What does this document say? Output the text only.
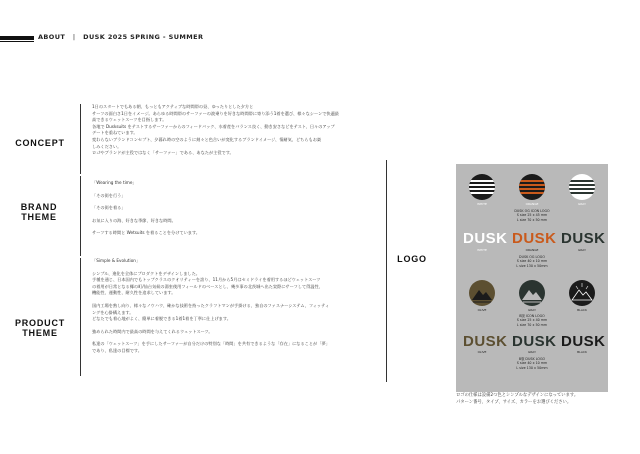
ABOUT | DUSK 2025 SPRING - SUMMER
CONCEPT
BRAND THEME
PRODUCT THEME

1日のスタートでもある朝、もっともアクティブな時間帯の昼、ゆったりとした夕方と

サーフの面白さ1日をイメージ。あらゆる時間帯のサーファーの波乗りを好きな時間帯に寄り添う1着を選び、様々なシーンで快適最

高できるウェットスーツを目指します。

各地で Dusksuits をテストするサーファーからのフィードバック、水着産をバランス良く、動き安さなどをテスト、日々のアップ

デートを重ねています。

変わらないブランドコンセプト、夕暮れ時の空のように刻々と色合いが変化するブランドイメージ、情緒気、どちらもお楽

しみください。

ロゴやブランドが主役ではなく「サーファー」である、あなたが主役です。

「Wearing the time」

「その街を行う」

「その街を着る」

お気に入りの海、好きな季節、好きな時間。

サーフする時間と Wetsuits を着ることを分けています。

「Simple & Evolution」

シンプル、進化を全体にプロダクトをデザインしました。

手種を通じ、日本国内でもトップクラスのクオリティーを誇り、11月から5月はセミドライを着用するほどウェットスーツ

の着用が日常となる椰の町/仙台気候の湯室使用フィールドのベースとし、幾多事の北茨城へ出た実際にサーフして得温性、

機能性、運動性、耐久性を追求しています。

国内工場を熟し向り、様々なノウハウ、確かな技術を持ったクラフトマンが手掛ける、独自のファスナーシステム、フィッティ

ングを心掛構えます。

どなたでも着心地がよく、簡単に着脱できる1着1着を丁寧に仕上げます。

強められた時間内で最高の時間を与えてくれるウェットスーツ。

私達の「ウェットスーツ」を手にしたサーファーが自分だけの特別な「時間」を共有できるような「存在」になることが「夢」

であり、私達の目標です。

LOGO
WHITE	ORANGE	GRAY
DUSK OG ICON LOGO
S size 25 x 45 mm
L size 70 x 50 mm
DUSK DUSK DUSK
WHITE	ORANGE	GRAY
DUSK OG LOGO
S size 40 x 10 mm
L size 130 x 50mm
OLIVE	GRAY	BLACK
B版 ICON LOGO
S size 25 x 40 mm
L size 70 x 50 mm
DUSK DUSK DUSK
OLIVE	GRAY	BLACK
B版 DUSK LOGO
S size 40 x 10 mm
L size 130 x 50mm
ロゴの仕様は設備2つ色とシンプルなデザインになっています。
パターン番号、タイプ、サイズ、カラーをお選びください。
